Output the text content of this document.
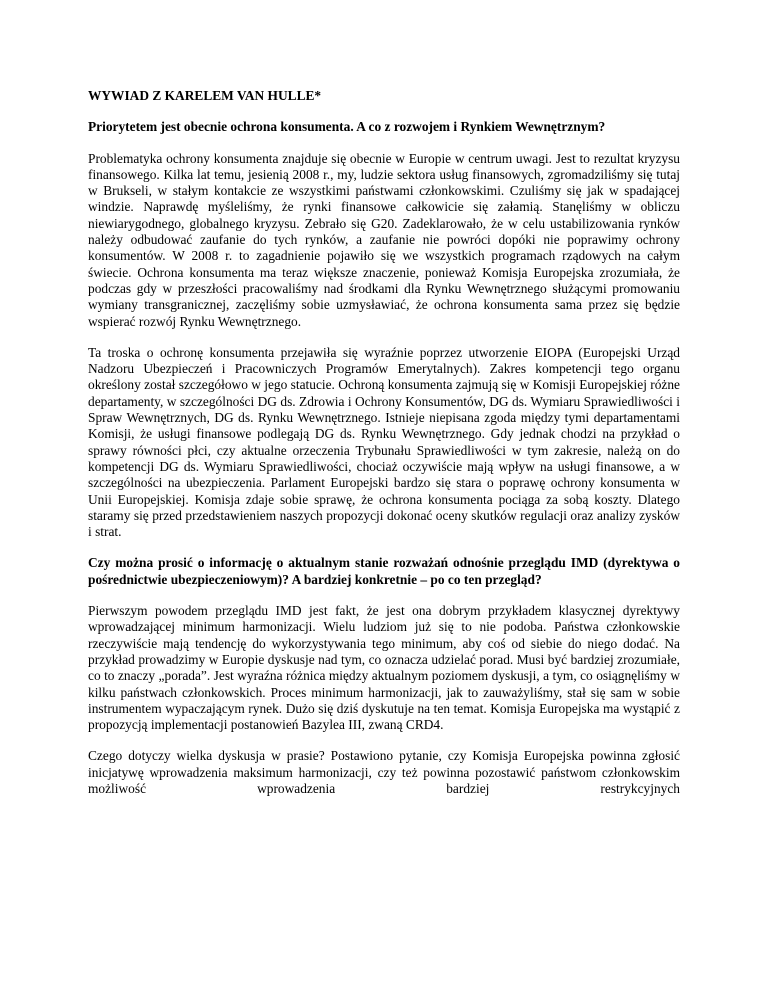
WYWIAD Z KARELEM VAN HULLE*
Priorytetem jest obecnie ochrona konsumenta. A co z rozwojem i Rynkiem Wewnętrznym?
Problematyka ochrony konsumenta znajduje się obecnie w Europie w centrum uwagi. Jest to rezultat kryzysu finansowego. Kilka lat temu, jesienią 2008 r., my, ludzie sektora usług finansowych, zgromadziliśmy się tutaj w Brukseli, w stałym kontakcie ze wszystkimi państwami członkowskimi. Czuliśmy się jak w spadającej windzie. Naprawdę myśleliśmy, że rynki finansowe całkowicie się załamią. Stanęliśmy w obliczu niewiarygodnego, globalnego kryzysu. Zebrało się G20. Zadeklarowało, że w celu ustabilizowania rynków należy odbudować zaufanie do tych rynków, a zaufanie nie powróci dopóki nie poprawimy ochrony konsumentów. W 2008 r. to zagadnienie pojawiło się we wszystkich programach rządowych na całym świecie. Ochrona konsumenta ma teraz większe znaczenie, ponieważ Komisja Europejska zrozumiała, że podczas gdy w przeszłości pracowaliśmy nad środkami dla Rynku Wewnętrznego służącymi promowaniu wymiany transgranicznej, zaczęliśmy sobie uzmysławiać, że ochrona konsumenta sama przez się będzie wspierać rozwój Rynku Wewnętrznego.
Ta troska o ochronę konsumenta przejawiła się wyraźnie poprzez utworzenie EIOPA (Europejski Urząd Nadzoru Ubezpieczeń i Pracowniczych Programów Emerytalnych). Zakres kompetencji tego organu określony został szczegółowo w jego statucie. Ochroną konsumenta zajmują się w Komisji Europejskiej różne departamenty, w szczególności DG ds. Zdrowia i Ochrony Konsumentów, DG ds. Wymiaru Sprawiedliwości i Spraw Wewnętrznych, DG ds. Rynku Wewnętrznego. Istnieje niepisana zgoda między tymi departamentami Komisji, że usługi finansowe podlegają DG ds. Rynku Wewnętrznego. Gdy jednak chodzi na przykład o sprawy równości płci, czy aktualne orzeczenia Trybunału Sprawiedliwości w tym zakresie, należą on do kompetencji DG ds. Wymiaru Sprawiedliwości, chociaż oczywiście mają wpływ na usługi finansowe, a w szczególności na ubezpieczenia. Parlament Europejski bardzo się stara o poprawę ochrony konsumenta w Unii Europejskiej. Komisja zdaje sobie sprawę, że ochrona konsumenta pociąga za sobą koszty. Dlatego staramy się przed przedstawieniem naszych propozycji dokonać oceny skutków regulacji oraz analizy zysków i strat.
Czy można prosić o informację o aktualnym stanie rozważań odnośnie przeglądu IMD (dyrektywa o pośrednictwie ubezpieczeniowym)? A bardziej konkretnie – po co ten przegląd?
Pierwszym powodem przeglądu IMD jest fakt, że jest ona dobrym przykładem klasycznej dyrektywy wprowadzającej minimum harmonizacji. Wielu ludziom już się to nie podoba. Państwa członkowskie rzeczywiście mają tendencję do wykorzystywania tego minimum, aby coś od siebie do niego dodać. Na przykład prowadzimy w Europie dyskusje nad tym, co oznacza udzielać porad. Musi być bardziej zrozumiałe, co to znaczy „porada”. Jest wyraźna różnica między aktualnym poziomem dyskusji, a tym, co osiągnęliśmy w kilku państwach członkowskich. Proces minimum harmonizacji, jak to zauważyliśmy, stał się sam w sobie instrumentem wypaczającym rynek. Dużo się dziś dyskutuje na ten temat. Komisja Europejska ma wystąpić z propozycją implementacji postanowień Bazylea III, zwaną CRD4.
Czego dotyczy wielka dyskusja w prasie? Postawiono pytanie, czy Komisja Europejska powinna zgłosić inicjatywę wprowadzenia maksimum harmonizacji, czy też powinna pozostawić państwom członkowskim możliwość wprowadzenia bardziej restrykcyjnych
